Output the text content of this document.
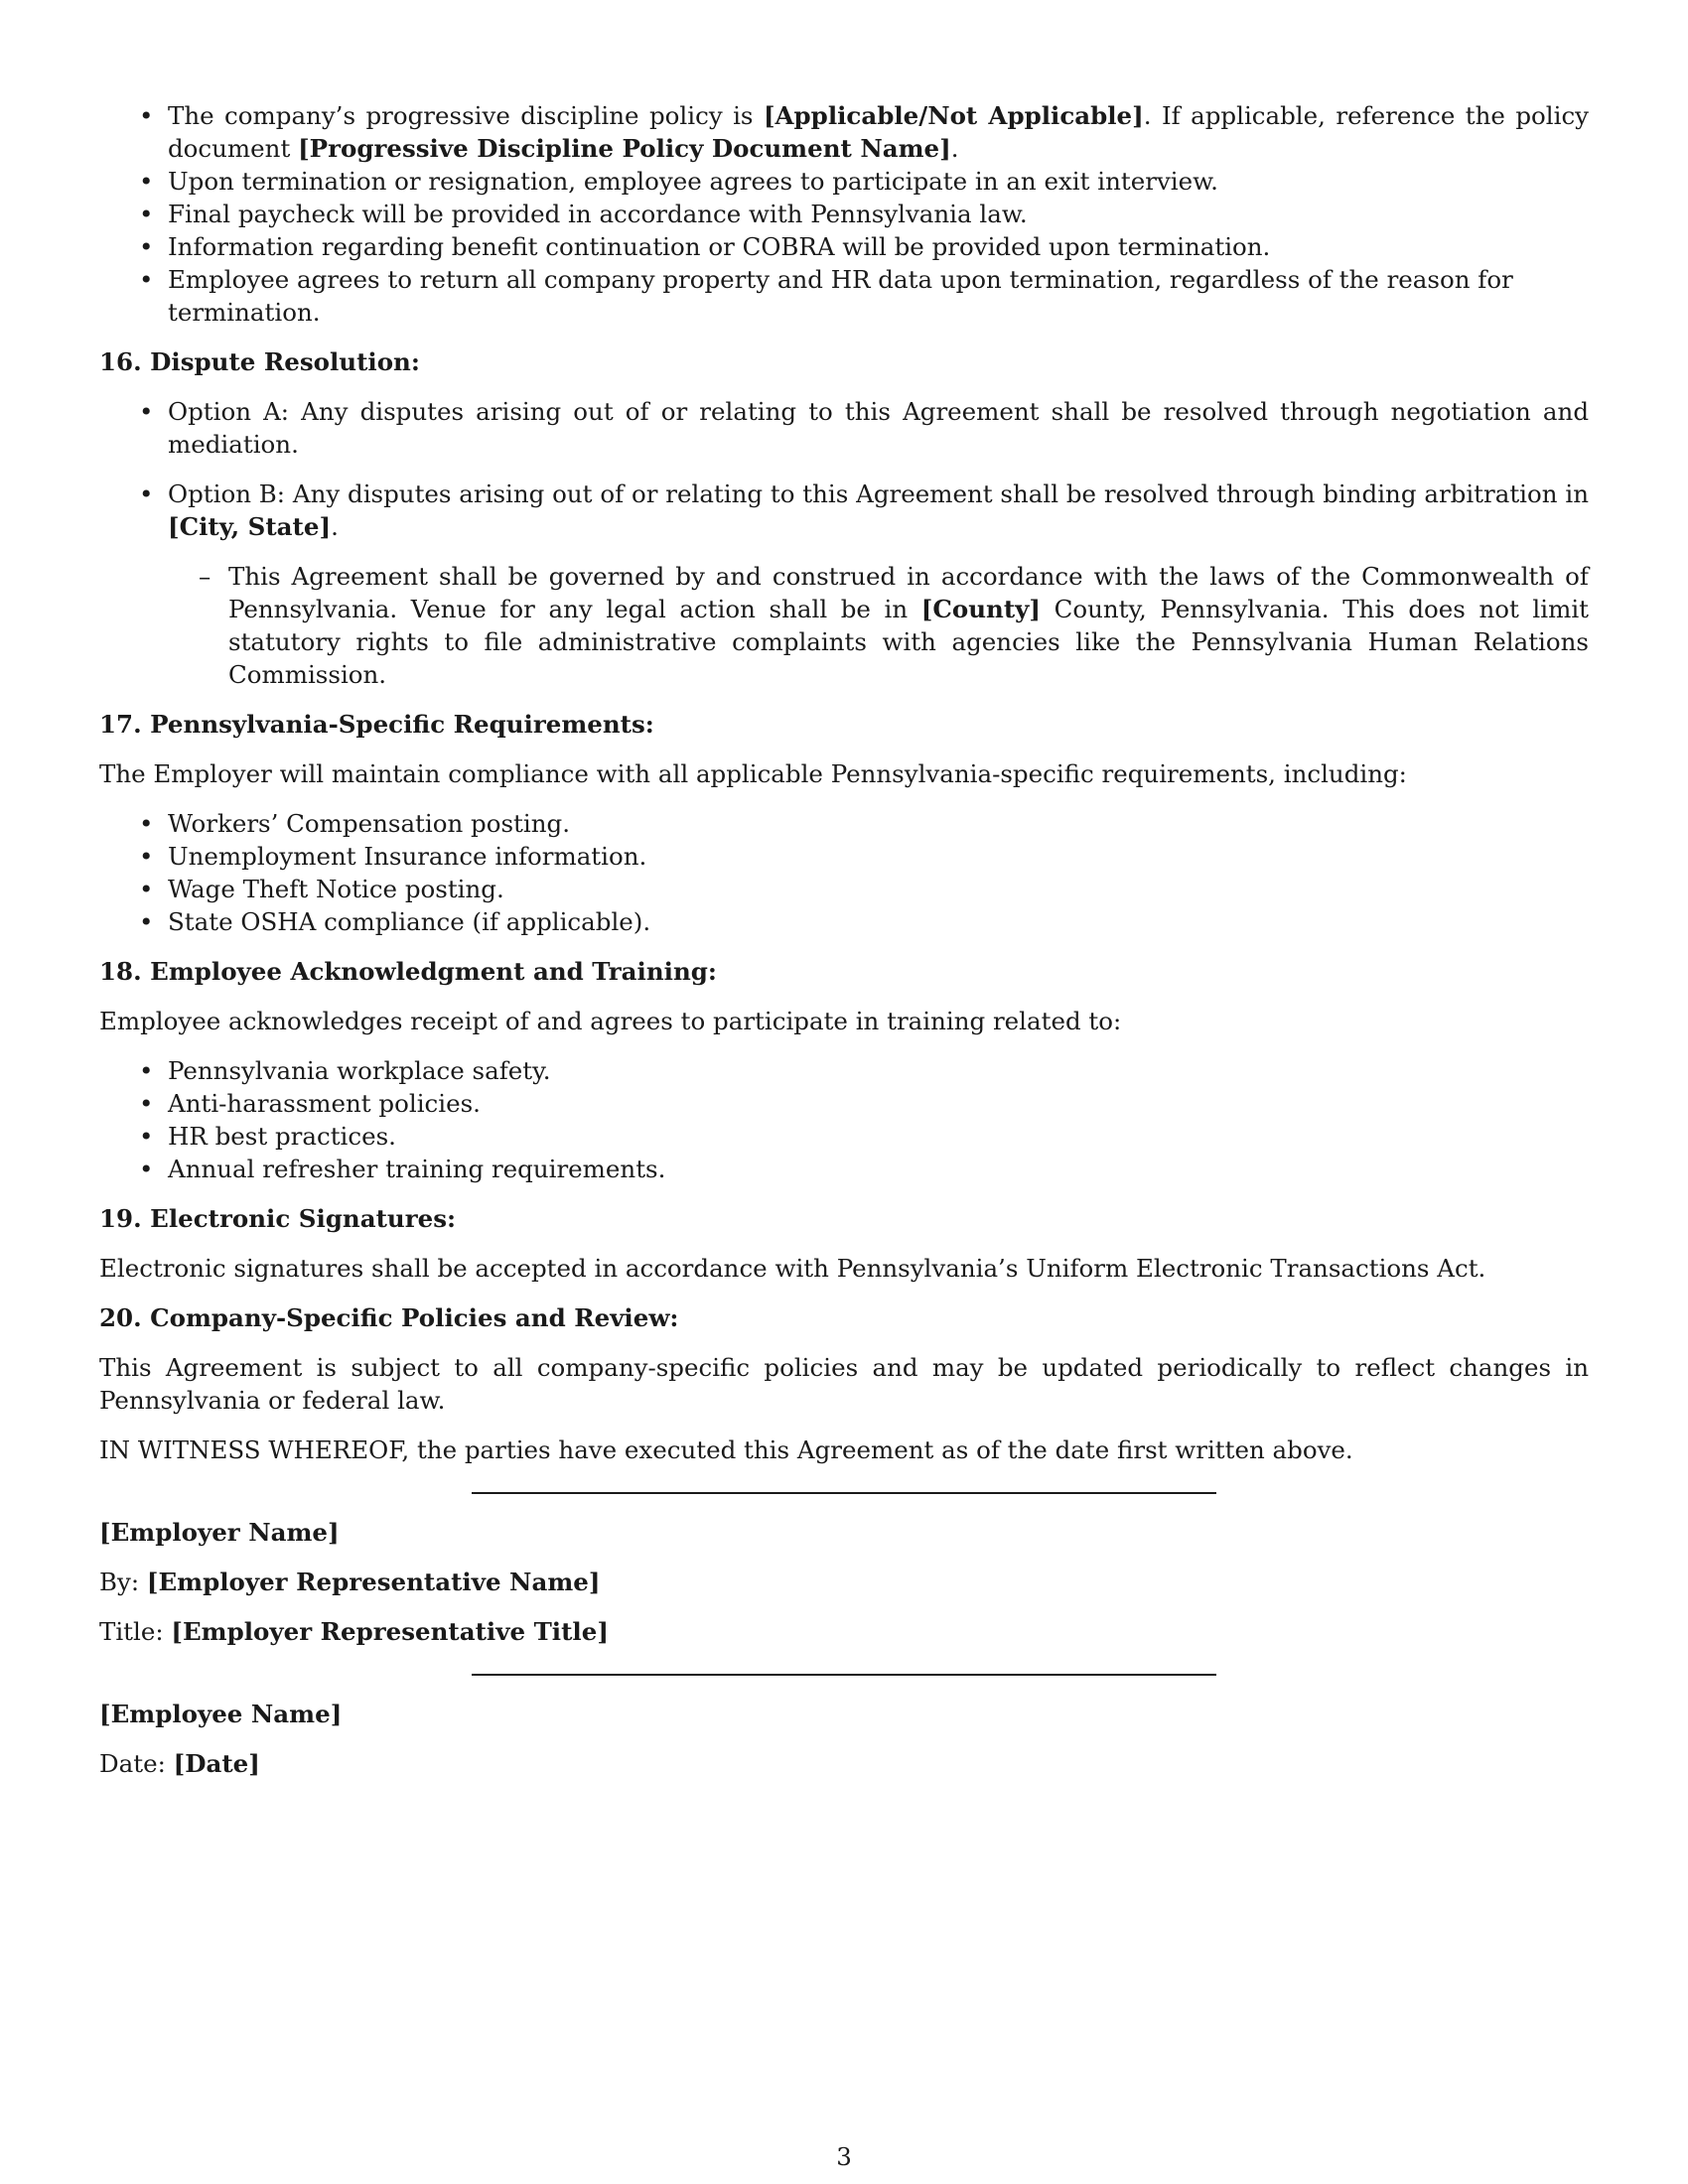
• The company’s progressive discipline policy is [Applicable/Not Applicable]. If applicable, reference the policy document [Progressive Discipline Policy Document Name].
• Upon termination or resignation, employee agrees to participate in an exit interview.
• Final paycheck will be provided in accordance with Pennsylvania law.
• Information regarding benefit continuation or COBRA will be provided upon termination.
• Employee agrees to return all company property and HR data upon termination, regardless of the reason for termination.
16. Dispute Resolution:
• Option A: Any disputes arising out of or relating to this Agreement shall be resolved through negotiation and mediation.
• Option B: Any disputes arising out of or relating to this Agreement shall be resolved through binding arbitration in [City, State].
– This Agreement shall be governed by and construed in accordance with the laws of the Commonwealth of Pennsylvania. Venue for any legal action shall be in [County] County, Pennsylvania. This does not limit statutory rights to file administrative complaints with agencies like the Pennsylvania Human Relations Commission.
17. Pennsylvania-Specific Requirements:

The Employer will maintain compliance with all applicable Pennsylvania-specific requirements, including:

• Workers’ Compensation posting.
• Unemployment Insurance information.
• Wage Theft Notice posting.
• State OSHA compliance (if applicable).
18. Employee Acknowledgment and Training:

Employee acknowledges receipt of and agrees to participate in training related to:

• Pennsylvania workplace safety.
• Anti-harassment policies.
• HR best practices.
• Annual refresher training requirements.
19. Electronic Signatures:

Electronic signatures shall be accepted in accordance with Pennsylvania’s Uniform Electronic Transactions Act.

20. Company-Specific Policies and Review:

This Agreement is subject to all company-specific policies and may be updated periodically to reflect changes in Pennsylvania or federal law.

IN WITNESS WHEREOF, the parties have executed this Agreement as of the date first written above.

[Employer Name]

By: [Employer Representative Name]

Title: [Employer Representative Title]

[Employee Name]

Date: [Date]

3
